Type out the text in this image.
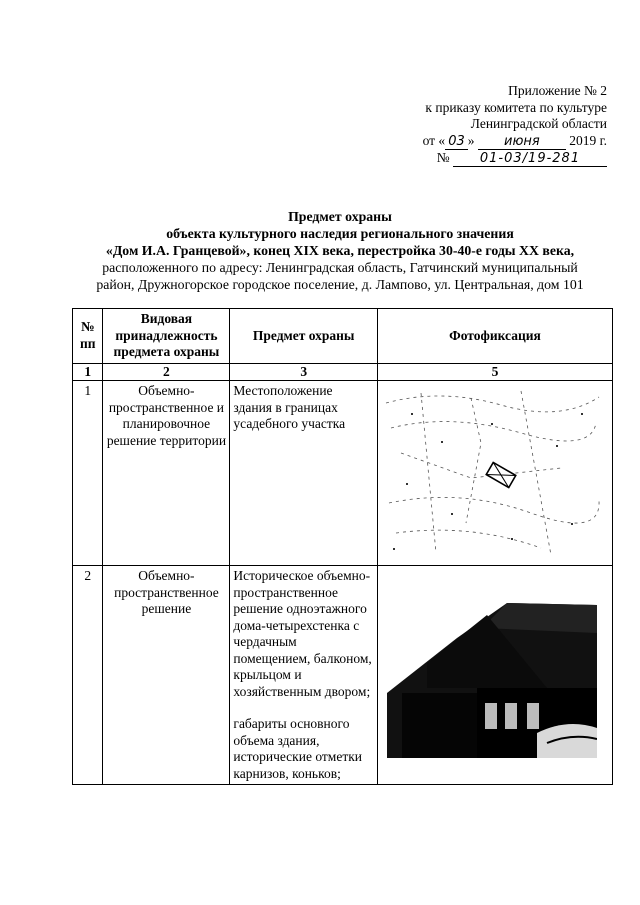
Приложение № 2
к приказу комитета по культуре
Ленинградской области
от « 03 » июня 2019 г.
№ 01-03/19-281
Предмет охраны
объекта культурного наследия регионального значения
«Дом И.А. Гранцевой», конец XIX века, перестройка 30-40-е годы XX века,
расположенного по адресу: Ленинградская область, Гатчинский муниципальный
район, Дружногорское городское поселение, д. Лампово, ул. Центральная, дом 101
№ пп	Видовая принадлежность предмета охраны	Предмет охраны	Фотофиксация
1	2	3	5
1	Объемно-пространственное и планировочное решение территории	Местоположение здания в границах усадебного участка	

2	Объемно-пространственное решение	Историческое объемно-пространственное решение одноэтажного дома-четырехстенка с чердачным помещением, балконом, крыльцом и хозяйственным двором;
габариты основного объема здания, исторические отметки карнизов, коньков;
